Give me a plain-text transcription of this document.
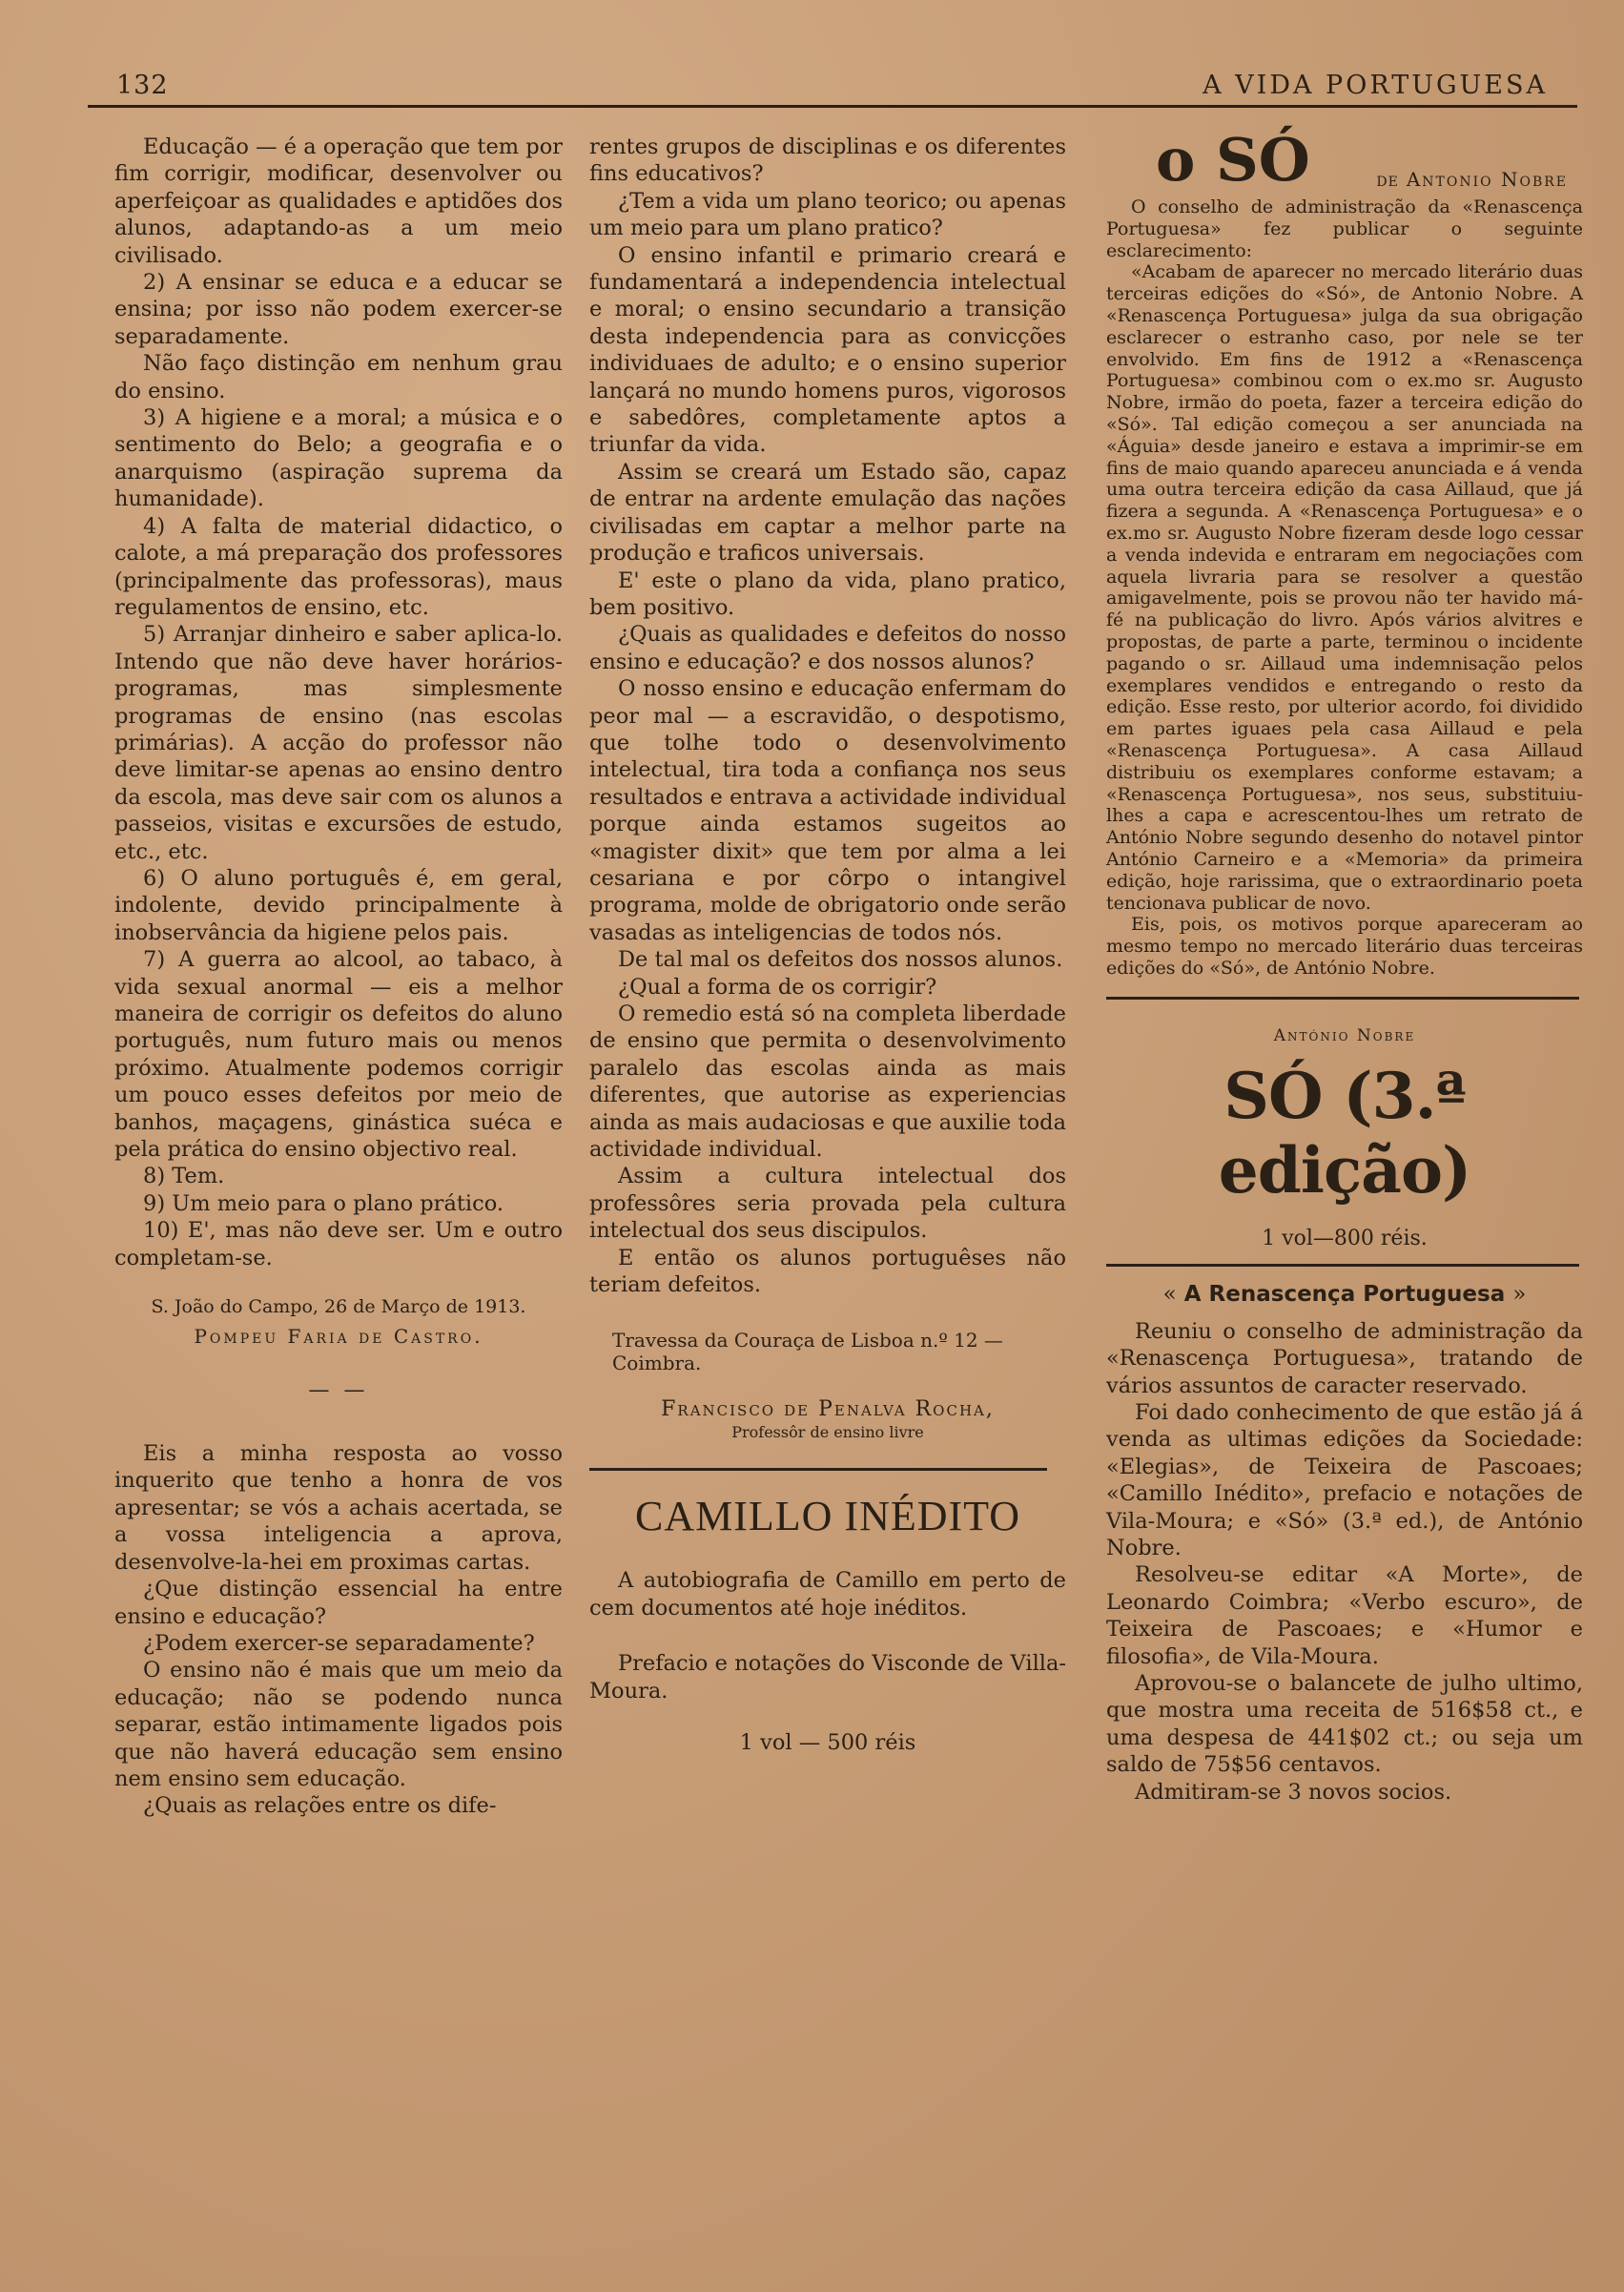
132	A VIDA PORTUGUESA

Educação — é a operação que tem por fim corrigir, modificar, desenvolver ou aperfeiçoar as qualidades e aptidões dos alunos, adaptando-as a um meio civilisado.

2) A ensinar se educa e a educar se ensina; por isso não podem exercer-se separadamente.

Não faço distinção em nenhum grau do ensino.

3) A higiene e a moral; a música e o sentimento do Belo; a geografia e o anarquismo (aspiração suprema da humanidade).

4) A falta de material didactico, o calote, a má preparação dos professores (principalmente das professoras), maus regulamentos de ensino, etc.

5) Arranjar dinheiro e saber aplica-lo. Intendo que não deve haver horários-programas, mas simplesmente programas de ensino (nas escolas primárias). A acção do professor não deve limitar-se apenas ao ensino dentro da escola, mas deve sair com os alunos a passeios, visitas e excursões de estudo, etc., etc.

6) O aluno português é, em geral, indolente, devido principalmente à inobservância da higiene pelos pais.

7) A guerra ao alcool, ao tabaco, à vida sexual anormal — eis a melhor maneira de corrigir os defeitos do aluno português, num futuro mais ou menos próximo. Atualmente podemos corrigir um pouco esses defeitos por meio de banhos, maçagens, ginástica suéca e pela prática do ensino objectivo real.

8) Tem.

9) Um meio para o plano prático.

10) E', mas não deve ser. Um e outro completam-se.

S. João do Campo, 26 de Março de 1913.
Pompeu Faria de Castro.
— —

Eis a minha resposta ao vosso inquerito que tenho a honra de vos apresentar; se vós a achais acertada, se a vossa inteligencia a aprova, desenvolve-la-hei em proximas cartas.

¿Que distinção essencial ha entre ensino e educação?

¿Podem exercer-se separadamente?

O ensino não é mais que um meio da educação; não se podendo nunca separar, estão intimamente ligados pois que não haverá educação sem ensino nem ensino sem educação.

¿Quais as relações entre os dife-

rentes grupos de disciplinas e os diferentes fins educativos?

¿Tem a vida um plano teorico; ou apenas um meio para um plano pratico?

O ensino infantil e primario creará e fundamentará a independencia intelectual e moral; o ensino secundario a transição desta independencia para as convicções individuaes de adulto; e o ensino superior lançará no mundo homens puros, vigorosos e sabedôres, completamente aptos a triunfar da vida.

Assim se creará um Estado são, capaz de entrar na ardente emulação das nações civilisadas em captar a melhor parte na produção e traficos universais.

E' este o plano da vida, plano pratico, bem positivo.

¿Quais as qualidades e defeitos do nosso ensino e educação? e dos nossos alunos?

O nosso ensino e educação enfermam do peor mal — a escravidão, o despotismo, que tolhe todo o desenvolvimento intelectual, tira toda a confiança nos seus resultados e entrava a actividade individual porque ainda estamos sugeitos ao «magister dixit» que tem por alma a lei cesariana e por côrpo o intangivel programa, molde de obrigatorio onde serão vasadas as inteligencias de todos nós.

De tal mal os defeitos dos nossos alunos.

¿Qual a forma de os corrigir?

O remedio está só na completa liberdade de ensino que permita o desenvolvimento paralelo das escolas ainda as mais diferentes, que autorise as experiencias ainda as mais audaciosas e que auxilie toda actividade individual.

Assim a cultura intelectual dos professôres seria provada pela cultura intelectual dos seus discipulos.

E então os alunos portuguêses não teriam defeitos.

Travessa da Couraça de Lisboa n.º 12 — Coimbra.
Francisco de Penalva Rocha,
Professôr de ensino livre
CAMILLO INÉDITO

A autobiografia de Camillo em perto de cem documentos até hoje inéditos.

Prefacio e notações do Visconde de Villa-Moura.

1 vol — 500 réis

o SÓ	DE Antonio Nobre

O conselho de administração da «Renascença Portuguesa» fez publicar o seguinte esclarecimento:

«Acabam de aparecer no mercado literário duas terceiras edições do «Só», de Antonio Nobre. A «Renascença Portuguesa» julga da sua obrigação esclarecer o estranho caso, por nele se ter envolvido. Em fins de 1912 a «Renascença Portuguesa» combinou com o ex.mo sr. Augusto Nobre, irmão do poeta, fazer a terceira edição do «Só». Tal edição começou a ser anunciada na «Águia» desde janeiro e estava a imprimir-se em fins de maio quando apareceu anunciada e á venda uma outra terceira edição da casa Aillaud, que já fizera a segunda. A «Renascença Portuguesa» e o ex.mo sr. Augusto Nobre fizeram desde logo cessar a venda indevida e entraram em negociações com aquela livraria para se resolver a questão amigavelmente, pois se provou não ter havido má-fé na publicação do livro. Após vários alvitres e propostas, de parte a parte, terminou o incidente pagando o sr. Aillaud uma indemnisação pelos exemplares vendidos e entregando o resto da edição. Esse resto, por ulterior acordo, foi dividido em partes iguaes pela casa Aillaud e pela «Renascença Portuguesa». A casa Aillaud distribuiu os exemplares conforme estavam; a «Renascença Portuguesa», nos seus, substituiu-lhes a capa e acrescentou-lhes um retrato de António Nobre segundo desenho do notavel pintor António Carneiro e a «Memoria» da primeira edição, hoje rarissima, que o extraordinario poeta tencionava publicar de novo.

Eis, pois, os motivos porque apareceram ao mesmo tempo no mercado literário duas terceiras edições do «Só», de António Nobre.

António Nobre
SÓ (3.ª edição)
1 vol—800 réis.
« A Renascença Portuguesa »

Reuniu o conselho de administração da «Renascença Portuguesa», tratando de vários assuntos de caracter reservado.

Foi dado conhecimento de que estão já á venda as ultimas edições da Sociedade: «Elegias», de Teixeira de Pascoaes; «Camillo Inédito», prefacio e notações de Vila-Moura; e «Só» (3.ª ed.), de António Nobre.

Resolveu-se editar «A Morte», de Leonardo Coimbra; «Verbo escuro», de Teixeira de Pascoaes; e «Humor e filosofia», de Vila-Moura.

Aprovou-se o balancete de julho ultimo, que mostra uma receita de 516$58 ct., e uma despesa de 441$02 ct.; ou seja um saldo de 75$56 centavos.

Admitiram-se 3 novos socios.
